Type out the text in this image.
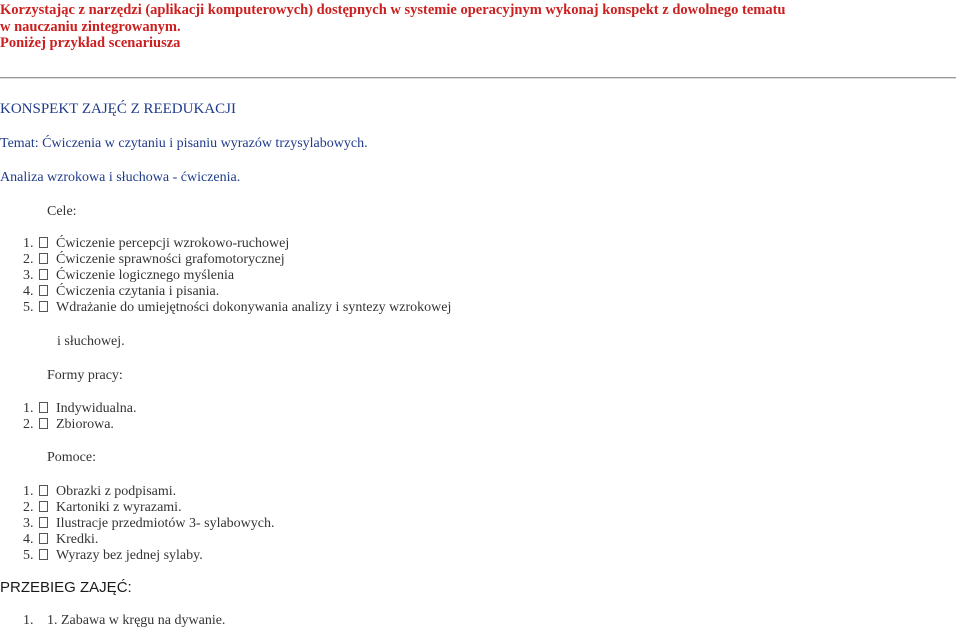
Korzystając z narzędzi (aplikacji komputerowych) dostępnych w systemie operacyjnym wykonaj konspekt z dowolnego tematu
w nauczaniu zintegrowanym.
Poniżej przykład scenariusza
KONSPEKT ZAJĘĆ Z REEDUKACJI
Temat: Ćwiczenia w czytaniu i pisaniu wyrazów trzysylabowych.
Analiza wzrokowa i słuchowa - ćwiczenia.
Cele:
1. Ćwiczenie percepcji wzrokowo-ruchowej
2. Ćwiczenie sprawności grafomotorycznej
3. Ćwiczenie logicznego myślenia
4. Ćwiczenia czytania i pisania.
5. Wdrażanie do umiejętności dokonywania analizy i syntezy wzrokowej
i słuchowej.
Formy pracy:
1. Indywidualna.
2. Zbiorowa.
Pomoce:
1. Obrazki z podpisami.
2. Kartoniki z wyrazami.
3. Ilustracje przedmiotów 3- sylabowych.
4. Kredki.
5. Wyrazy bez jednej sylaby.
PRZEBIEG ZAJĘĆ:
1. 1. Zabawa w kręgu na dywanie.
